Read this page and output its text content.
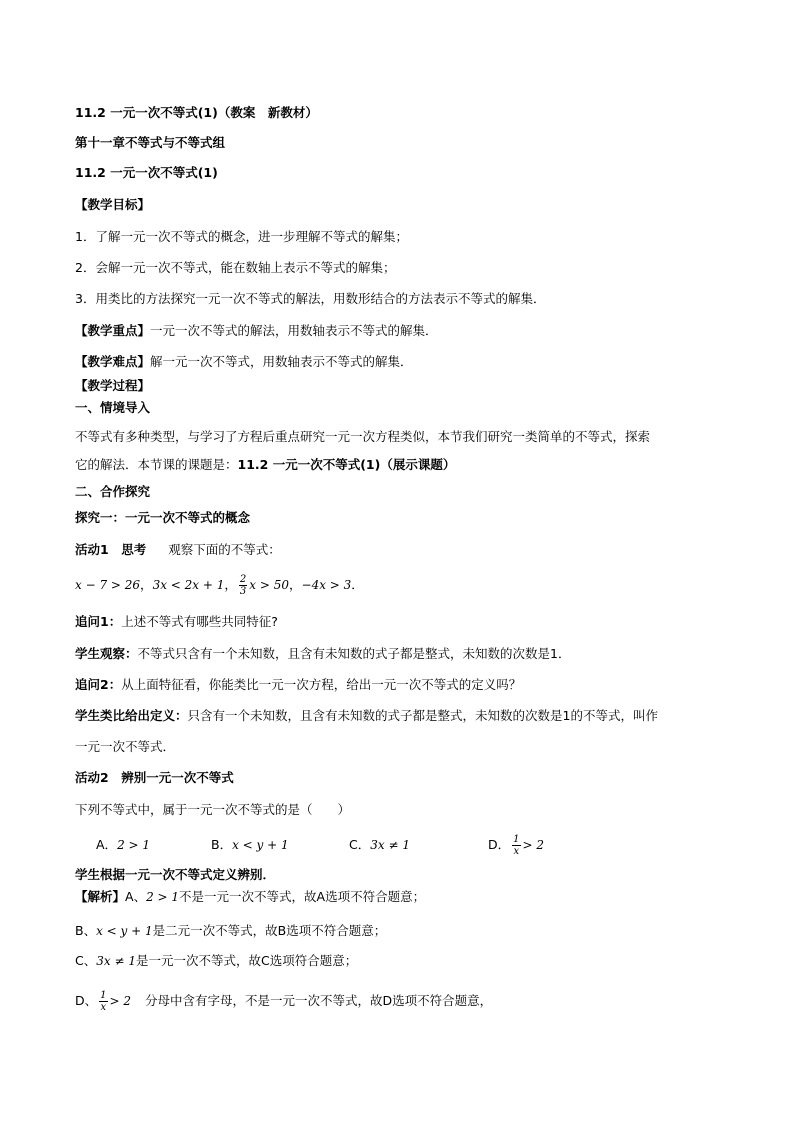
11.2 一元一次不等式(1)（教案　新教材）
第十一章不等式与不等式组
11.2 一元一次不等式(1)
【教学目标】
1．了解一元一次不等式的概念，进一步理解不等式的解集；
2．会解一元一次不等式，能在数轴上表示不等式的解集；
3．用类比的方法探究一元一次不等式的解法，用数形结合的方法表示不等式的解集．
【教学重点】一元一次不等式的解法，用数轴表示不等式的解集．
【教学难点】解一元一次不等式，用数轴表示不等式的解集．
【教学过程】
一、情境导入
不等式有多种类型，与学习了方程后重点研究一元一次方程类似，本节我们研究一类简单的不等式，探索
它的解法．本节课的课题是：11.2 一元一次不等式(1)（展示课题）
二、合作探究
探究一：一元一次不等式的概念
活动1　思考 观察下面的不等式：
x − 7 > 26，3x < 2x + 1， $\frac{2}{3}$ x > 50，−4x > 3．
追问1：上述不等式有哪些共同特征?
学生观察：不等式只含有一个未知数，且含有未知数的式子都是整式，未知数的次数是1．
追问2：从上面特征看，你能类比一元一次方程，给出一元一次不等式的定义吗？
学生类比给出定义：只含有一个未知数，且含有未知数的式子都是整式，未知数的次数是1的不等式，叫作
一元一次不等式．
活动2　辨别一元一次不等式
下列不等式中，属于一元一次不等式的是（　　）
A．2 > 1	B．x < y + 1	C．3x ≠ 1	D． $\frac{1}{x} > 2$
学生根据一元一次不等式定义辨别．
【解析】A、2 > 1不是一元一次不等式，故A选项不符合题意；
B、x < y + 1是二元一次不等式，故B选项不符合题意；
C、3x ≠ 1是一元一次不等式，故C选项符合题意；
D、 $\frac{1}{x} > 2$ 分母中含有字母，不是一元一次不等式，故D选项不符合题意，
